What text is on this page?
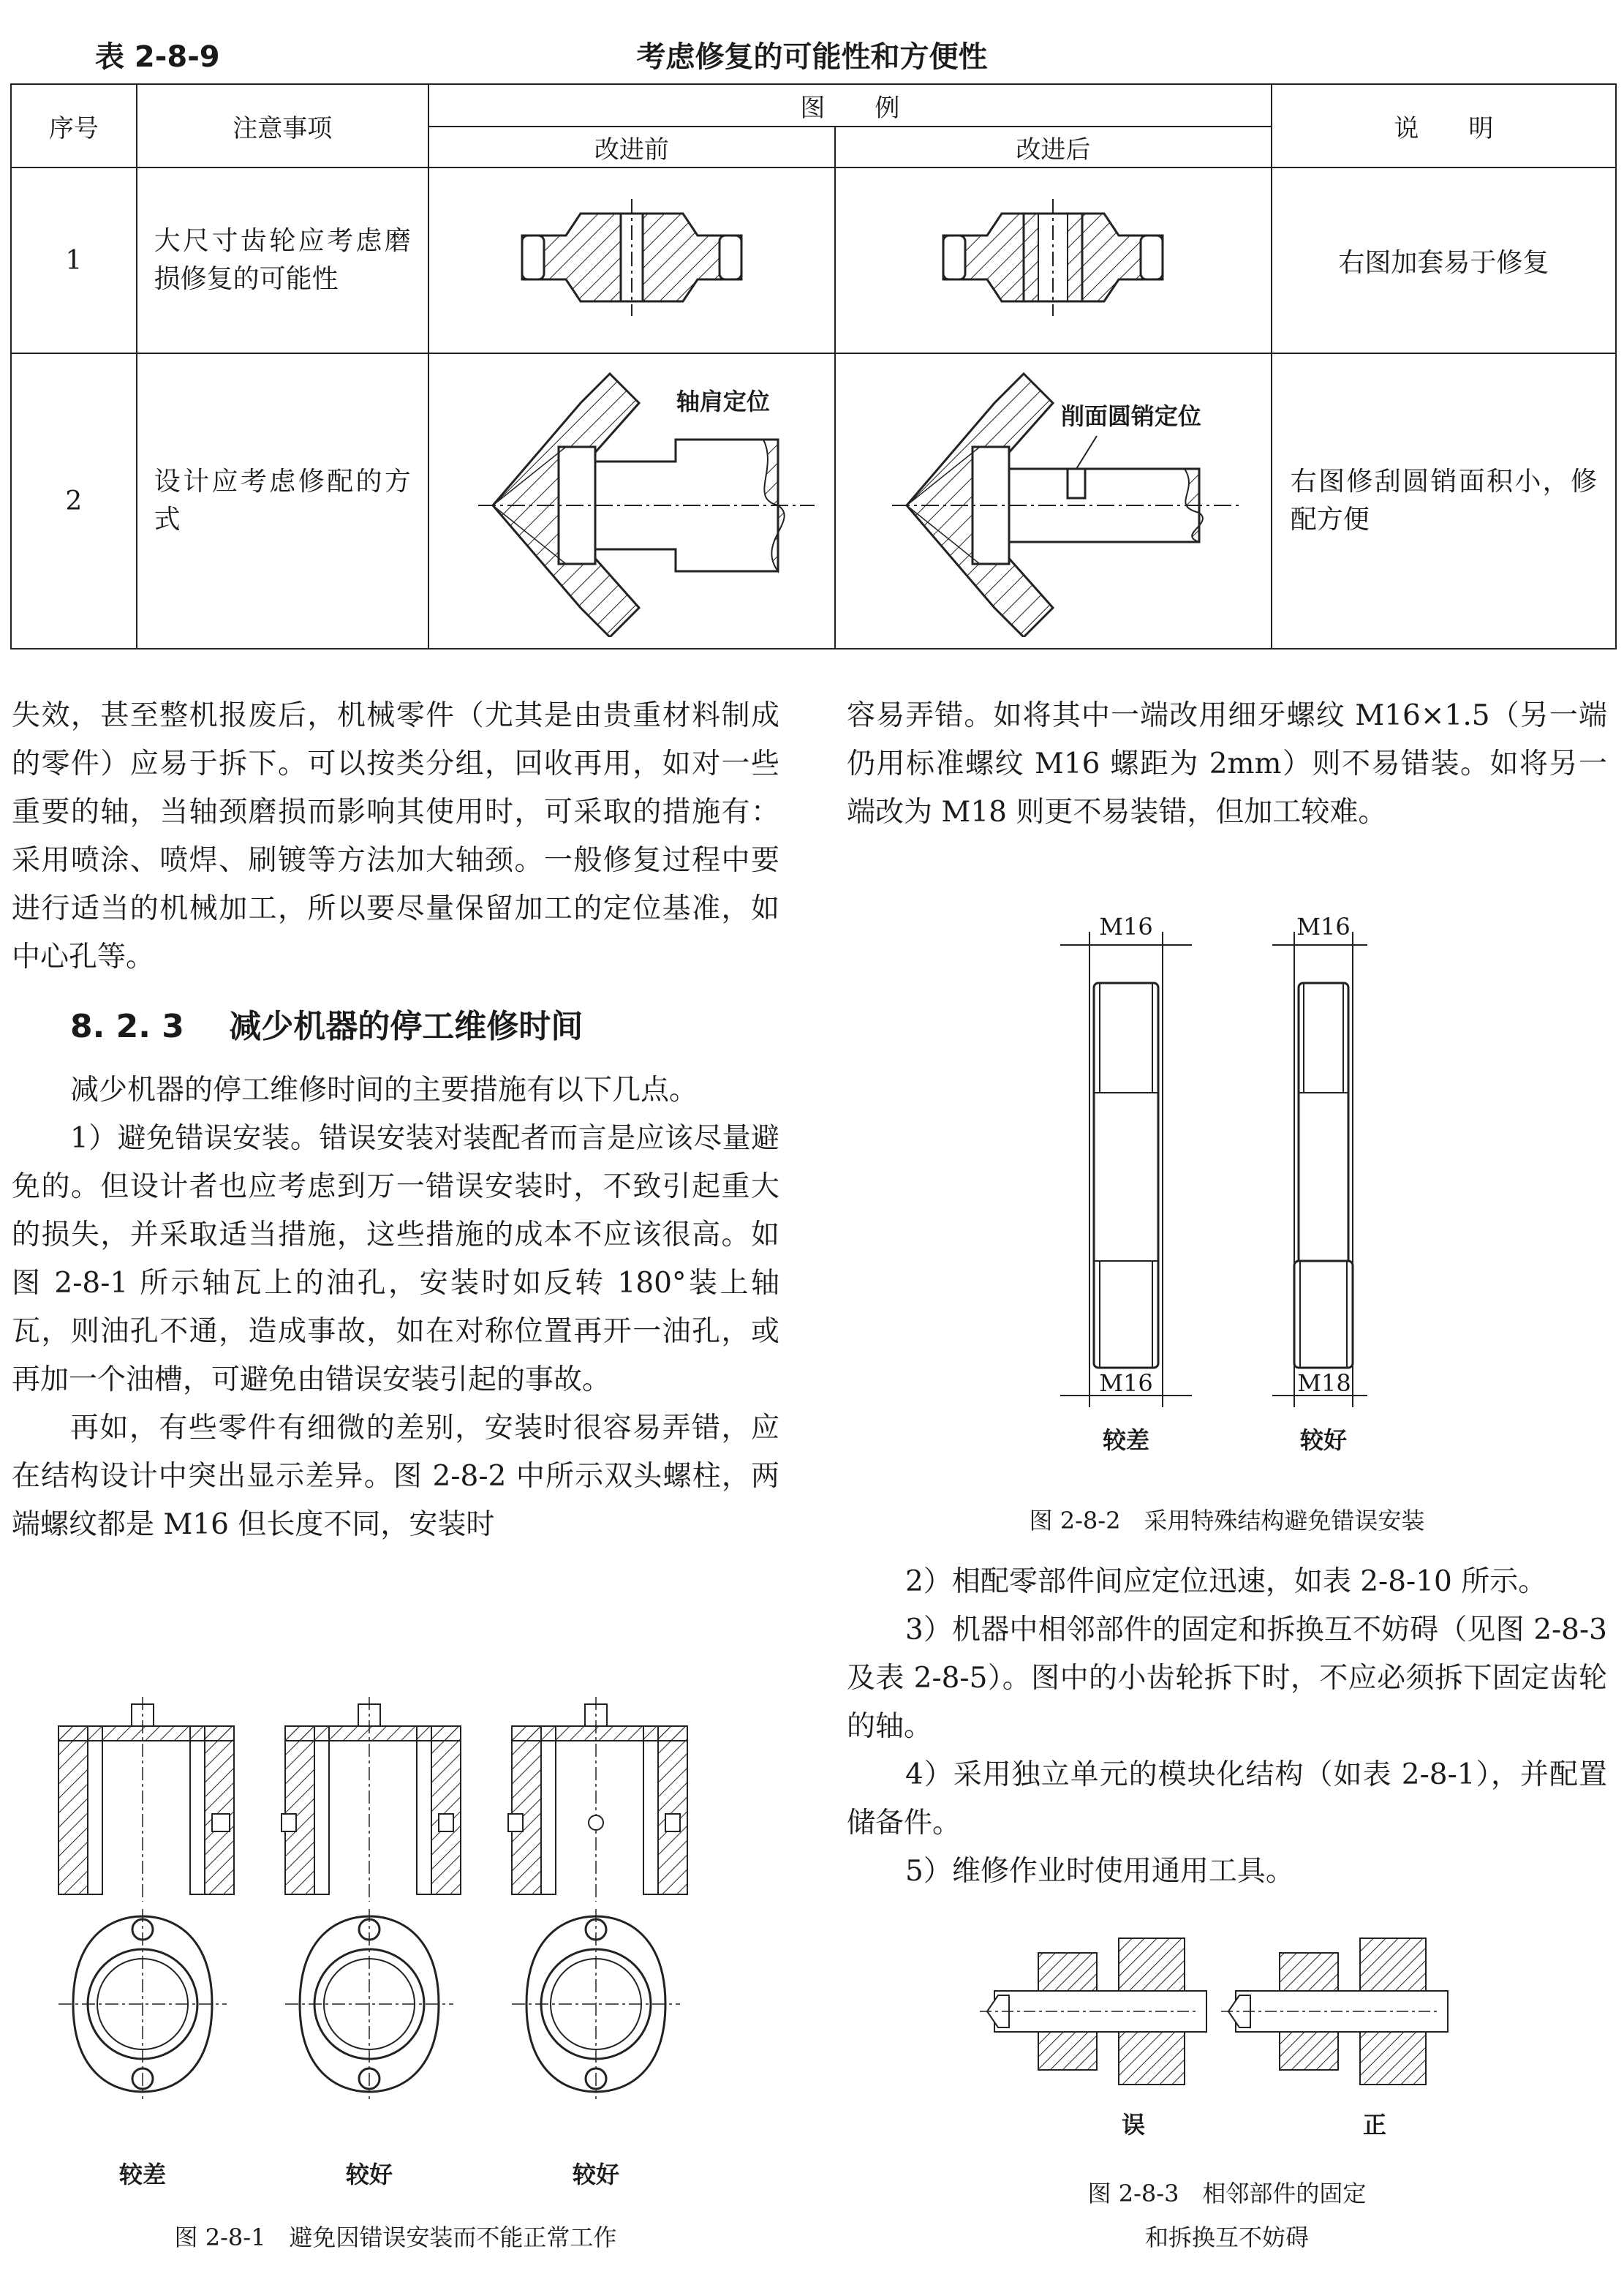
表 2-8-9	考虑修复的可能性和方便性
序号	注意事项	图　　例		说　　明
		改进前	改进后	
1	大尺寸齿轮应考虑磨损修复的可能性			右图加套易于修复
2	设计应考虑修配的方式	轴肩定位	削面圆销定位	右图修刮圆销面积小，修配方便

失效，甚至整机报废后，机械零件（尤其是由贵重材料制成的零件）应易于拆下。可以按类分组，回收再用，如对一些重要的轴，当轴颈磨损而影响其使用时，可采取的措施有：采用喷涂、喷焊、刷镀等方法加大轴颈。一般修复过程中要进行适当的机械加工，所以要尽量保留加工的定位基准，如中心孔等。

8. 2. 3 减少机器的停工维修时间

减少机器的停工维修时间的主要措施有以下几点。

1）避免错误安装。错误安装对装配者而言是应该尽量避免的。但设计者也应考虑到万一错误安装时，不致引起重大的损失，并采取适当措施，这些措施的成本不应该很高。如图 2-8-1 所示轴瓦上的油孔，安装时如反转 180°装上轴瓦，则油孔不通，造成事故，如在对称位置再开一油孔，或再加一个油槽，可避免由错误安装引起的事故。

再如，有些零件有细微的差别，安装时很容易弄错，应在结构设计中突出显示差异。图 2-8-2 中所示双头螺柱，两端螺纹都是 M16 但长度不同，安装时

容易弄错。如将其中一端改用细牙螺纹 M16×1.5（另一端仍用标准螺纹 M16 螺距为 2mm）则不易错装。如将另一端改为 M18 则更不易装错，但加工较难。

M16	M16
M16	M18
较差	较好
图 2-8-2　采用特殊结构避免错误安装

2）相配零部件间应定位迅速，如表 2-8-10 所示。

3）机器中相邻部件的固定和拆换互不妨碍（见图 2-8-3 及表 2-8-5）。图中的小齿轮拆下时，不应必须拆下固定齿轮的轴。

4）采用独立单元的模块化结构（如表 2-8-1），并配置储备件。

5）维修作业时使用通用工具。

较差	较好	较好
图 2-8-1　避免因错误安装而不能正常工作
误	正
图 2-8-3　相邻部件的固定
和拆换互不妨碍
